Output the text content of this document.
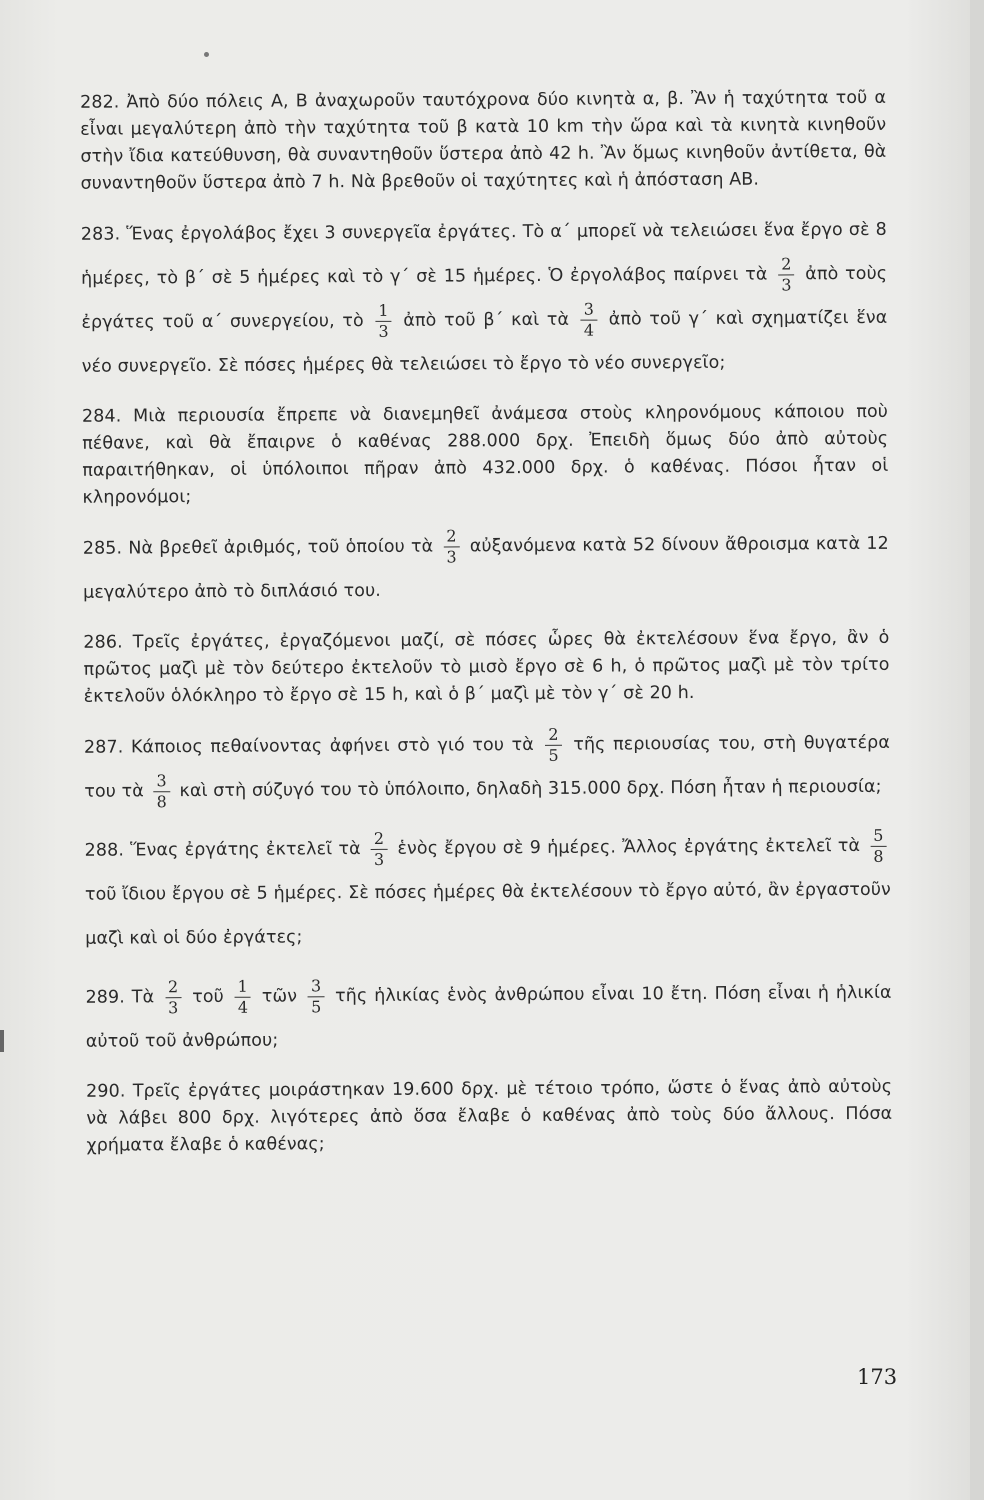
282. Ἀπὸ δύο πόλεις Α, Β ἀναχωροῦν ταυτόχρονα δύο κινητὰ α, β. Ἂν ἡ ταχύτητα τοῦ α εἶναι μεγαλύτερη ἀπὸ τὴν ταχύτητα τοῦ β κατὰ 10 km τὴν ὥρα καὶ τὰ κινητὰ κινηθοῦν στὴν ἴδια κατεύθυνση, θὰ συναντηθοῦν ὕστερα ἀπὸ 42 h. Ἂν ὅμως κινηθοῦν ἀντίθετα, θὰ συναντηθοῦν ὕστερα ἀπὸ 7 h. Νὰ βρεθοῦν οἱ ταχύτητες καὶ ἡ ἀπόσταση ΑΒ.

283. Ἕνας ἐργολάβος ἔχει 3 συνεργεῖα ἐργάτες. Τὸ α΄ μπορεῖ νὰ τελειώσει ἕνα ἔργο σὲ 8 ἡμέρες, τὸ β΄ σὲ 5 ἡμέρες καὶ τὸ γ΄ σὲ 15 ἡμέρες. Ὁ ἐργολάβος παίρνει τὰ $\frac{2}{3}$ ἀπὸ τοὺς ἐργάτες τοῦ α΄ συνεργείου, τὸ $\frac{1}{3}$ ἀπὸ τοῦ β΄ καὶ τὰ $\frac{3}{4}$ ἀπὸ τοῦ γ΄ καὶ σχηματίζει ἕνα νέο συνεργεῖο. Σὲ πόσες ἡμέρες θὰ τελειώσει τὸ ἔργο τὸ νέο συνεργεῖο;

284. Μιὰ περιουσία ἔπρεπε νὰ διανεμηθεῖ ἀνάμεσα στοὺς κληρονόμους κάποιου ποὺ πέθανε, καὶ θὰ ἔπαιρνε ὁ καθένας 288.000 δρχ. Ἐπειδὴ ὅμως δύο ἀπὸ αὐτοὺς παραιτήθηκαν, οἱ ὑπόλοιποι πῆραν ἀπὸ 432.000 δρχ. ὁ καθένας. Πόσοι ἦταν οἱ κληρονόμοι;

285. Νὰ βρεθεῖ ἀριθμός, τοῦ ὁποίου τὰ $\frac{2}{3}$ αὐξανόμενα κατὰ 52 δίνουν ἄθροισμα κατὰ 12 μεγαλύτερο ἀπὸ τὸ διπλάσιό του.

286. Τρεῖς ἐργάτες, ἐργαζόμενοι μαζί, σὲ πόσες ὧρες θὰ ἐκτελέσουν ἕνα ἔργο, ἂν ὁ πρῶτος μαζὶ μὲ τὸν δεύτερο ἐκτελοῦν τὸ μισὸ ἔργο σὲ 6 h, ὁ πρῶτος μαζὶ μὲ τὸν τρίτο ἐκτελοῦν ὁλόκληρο τὸ ἔργο σὲ 15 h, καὶ ὁ β΄ μαζὶ μὲ τὸν γ΄ σὲ 20 h.

287. Κάποιος πεθαίνοντας ἀφήνει στὸ γιό του τὰ $\frac{2}{5}$ τῆς περιουσίας του, στὴ θυγατέρα του τὰ $\frac{3}{8}$ καὶ στὴ σύζυγό του τὸ ὑπόλοιπο, δηλαδὴ 315.000 δρχ. Πόση ἦταν ἡ περιουσία;

288. Ἕνας ἐργάτης ἐκτελεῖ τὰ $\frac{2}{3}$ ἑνὸς ἔργου σὲ 9 ἡμέρες. Ἄλλος ἐργάτης ἐκτελεῖ τὰ $\frac{5}{8}$
τοῦ ἴδιου ἔργου σὲ 5 ἡμέρες. Σὲ πόσες ἡμέρες θὰ ἐκτελέσουν τὸ ἔργο αὐτό, ἂν ἐργαστοῦν μαζὶ καὶ οἱ δύο ἐργάτες;

289. Τὰ $\frac{2}{3}$ τοῦ $\frac{1}{4}$ τῶν $\frac{3}{5}$ τῆς ἡλικίας ἑνὸς ἀνθρώπου εἶναι 10 ἔτη. Πόση εἶναι ἡ ἡλικία αὐτοῦ τοῦ ἀνθρώπου;

290. Τρεῖς ἐργάτες μοιράστηκαν 19.600 δρχ. μὲ τέτοιο τρόπο, ὥστε ὁ ἕνας ἀπὸ αὐτοὺς νὰ λάβει 800 δρχ. λιγότερες ἀπὸ ὅσα ἔλαβε ὁ καθένας ἀπὸ τοὺς δύο ἄλλους. Πόσα χρήματα ἔλαβε ὁ καθένας;

173
